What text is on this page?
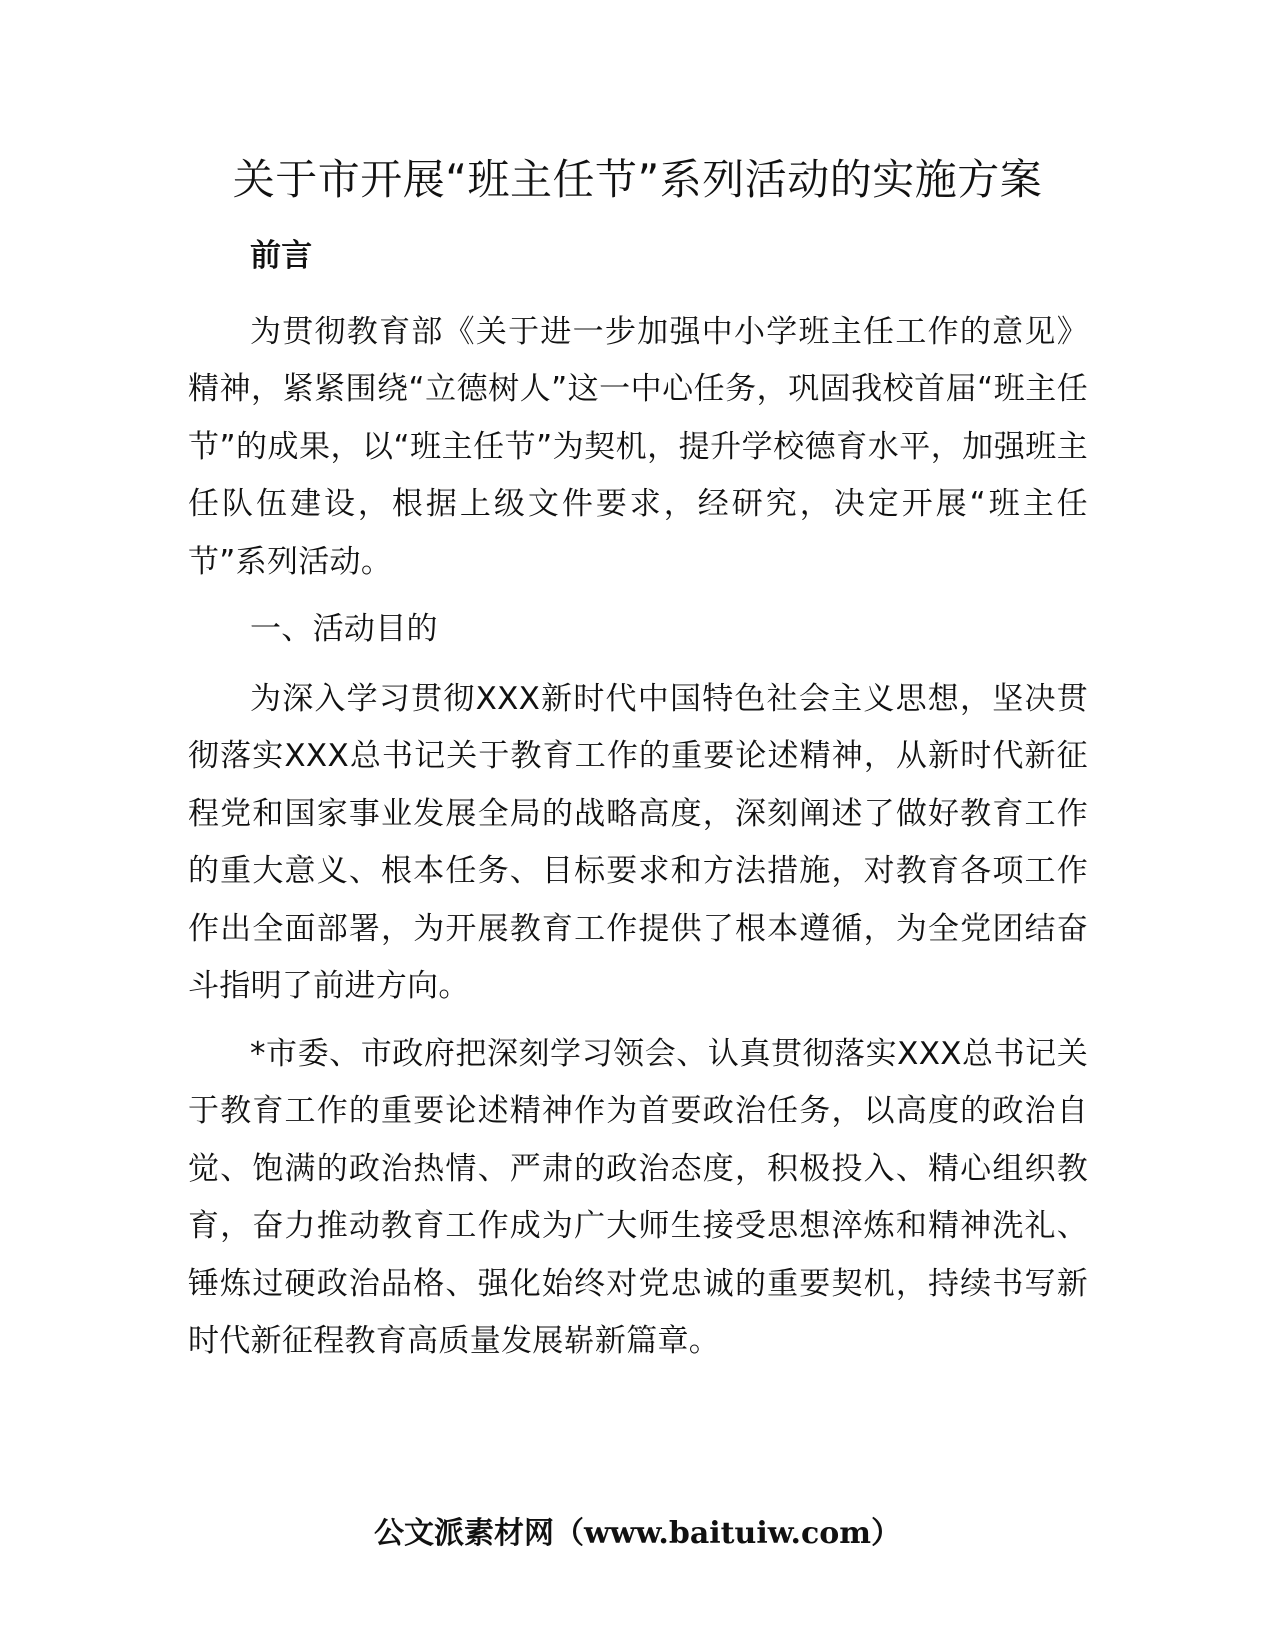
关于市开展“班主任节”系列活动的实施方案

前言

为贯彻教育部《关于进一步加强中小学班主任工作的意见》精神，紧紧围绕“立德树人”这一中心任务，巩固我校首届“班主任节”的成果，以“班主任节”为契机，提升学校德育水平，加强班主任队伍建设，根据上级文件要求，经研究，决定开展“班主任节”系列活动。

一、活动目的

为深入学习贯彻XXX新时代中国特色社会主义思想，坚决贯彻落实XXX总书记关于教育工作的重要论述精神，从新时代新征程党和国家事业发展全局的战略高度，深刻阐述了做好教育工作的重大意义、根本任务、目标要求和方法措施，对教育各项工作作出全面部署，为开展教育工作提供了根本遵循，为全党团结奋斗指明了前进方向。

*市委、市政府把深刻学习领会、认真贯彻落实XXX总书记关于教育工作的重要论述精神作为首要政治任务，以高度的政治自觉、饱满的政治热情、严肃的政治态度，积极投入、精心组织教育，奋力推动教育工作成为广大师生接受思想淬炼和精神洗礼、锤炼过硬政治品格、强化始终对党忠诚的重要契机，持续书写新时代新征程教育高质量发展崭新篇章。

公文派素材网（www.baituiw.com）
